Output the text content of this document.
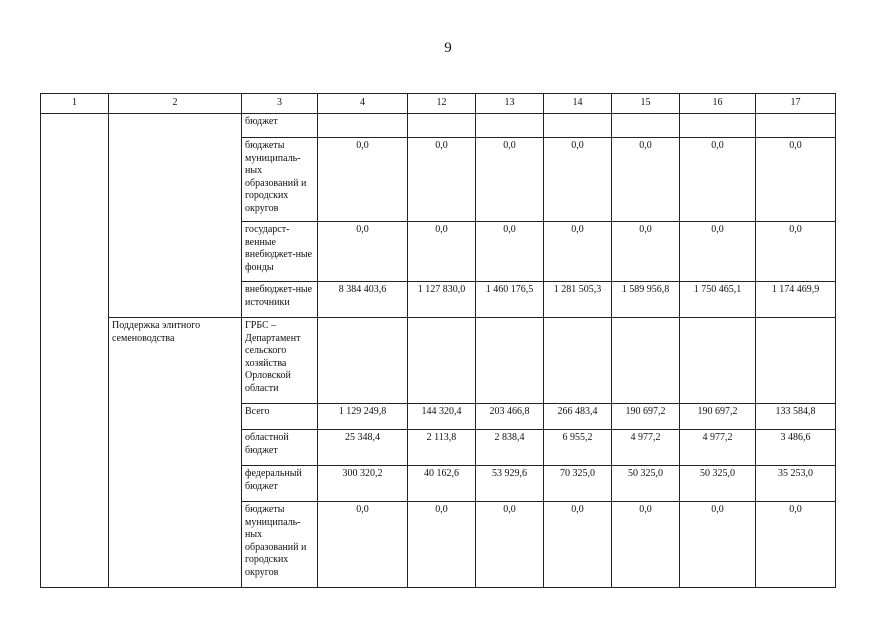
9
1	2	3	4	12	13	14	15	16	17
		бюджет							
		бюджеты муниципаль-ных образований и городских округов	0,0	0,0	0,0	0,0	0,0	0,0	0,0
		государст-венные внебюджет-ные фонды	0,0	0,0	0,0	0,0	0,0	0,0	0,0
		внебюджет-ные источники	8 384 403,6	1 127 830,0	1 460 176,5	1 281 505,3	1 589 956,8	1 750 465,1	1 174 469,9
	Поддержка элитного семеноводства	ГРБС – Департамент сельского хозяйства Орловской области							
		Всего	1 129 249,8	144 320,4	203 466,8	266 483,4	190 697,2	190 697,2	133 584,8
		областной бюджет	25 348,4	2 113,8	2 838,4	6 955,2	4 977,2	4 977,2	3 486,6
		федеральный бюджет	300 320,2	40 162,6	53 929,6	70 325,0	50 325,0	50 325,0	35 253,0
		бюджеты муниципаль-ных образований и городских округов	0,0	0,0	0,0	0,0	0,0	0,0	0,0
